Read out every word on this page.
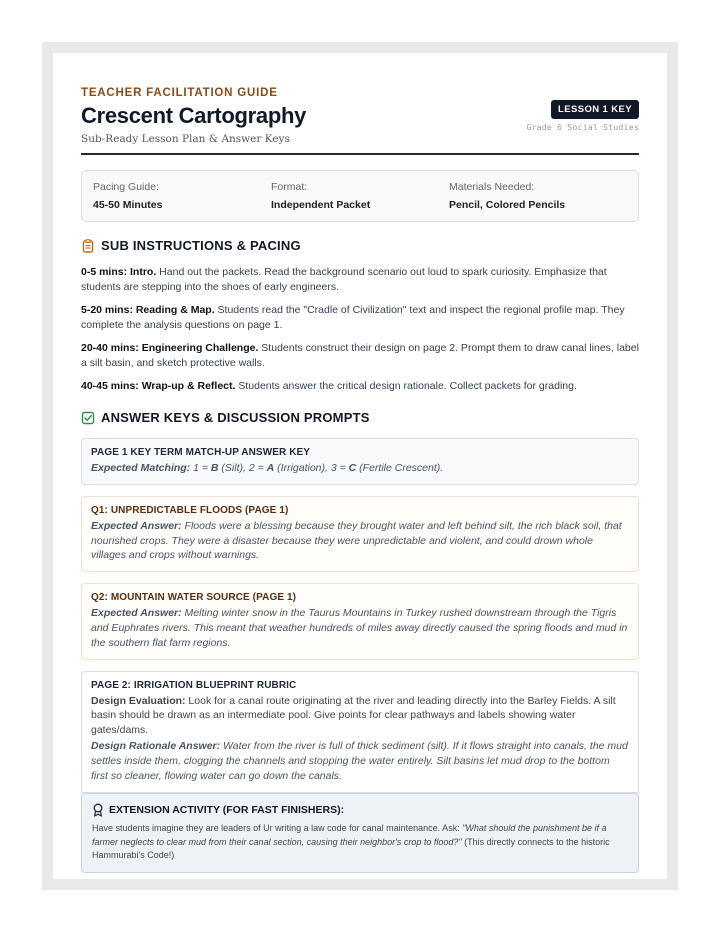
TEACHER FACILITATION GUIDE
Crescent Cartography
Sub-Ready Lesson Plan & Answer Keys
LESSON 1 KEY
Grade 6 Social Studies
Pacing Guide:
45-50 Minutes
Format:
Independent Packet
Materials Needed:
Pencil, Colored Pencils
SUB INSTRUCTIONS & PACING

0-5 mins: Intro. Hand out the packets. Read the background scenario out loud to spark curiosity. Emphasize that students are stepping into the shoes of early engineers.

5-20 mins: Reading & Map. Students read the "Cradle of Civilization" text and inspect the regional profile map. They complete the analysis questions on page 1.

20-40 mins: Engineering Challenge. Students construct their design on page 2. Prompt them to draw canal lines, label a silt basin, and sketch protective walls.

40-45 mins: Wrap-up & Reflect. Students answer the critical design rationale. Collect packets for grading.

ANSWER KEYS & DISCUSSION PROMPTS
PAGE 1 KEY TERM MATCH-UP ANSWER KEY
Expected Matching: 1 = B (Silt), 2 = A (Irrigation), 3 = C (Fertile Crescent).
Q1: UNPREDICTABLE FLOODS (PAGE 1)
Expected Answer: Floods were a blessing because they brought water and left behind silt, the rich black soil, that nourished crops. They were a disaster because they were unpredictable and violent, and could drown whole villages and crops without warnings.
Q2: MOUNTAIN WATER SOURCE (PAGE 1)
Expected Answer: Melting winter snow in the Taurus Mountains in Turkey rushed downstream through the Tigris and Euphrates rivers. This meant that weather hundreds of miles away directly caused the spring floods and mud in the southern flat farm regions.
PAGE 2: IRRIGATION BLUEPRINT RUBRIC
Design Evaluation: Look for a canal route originating at the river and leading directly into the Barley Fields. A silt basin should be drawn as an intermediate pool. Give points for clear pathways and labels showing water gates/dams.
Design Rationale Answer: Water from the river is full of thick sediment (silt). If it flows straight into canals, the mud settles inside them, clogging the channels and stopping the water entirely. Silt basins let mud drop to the bottom first so cleaner, flowing water can go down the canals.
EXTENSION ACTIVITY (FOR FAST FINISHERS):
Have students imagine they are leaders of Ur writing a law code for canal maintenance. Ask: "What should the punishment be if a farmer neglects to clear mud from their canal section, causing their neighbor's crop to flood?" (This directly connects to the historic Hammurabi's Code!)
